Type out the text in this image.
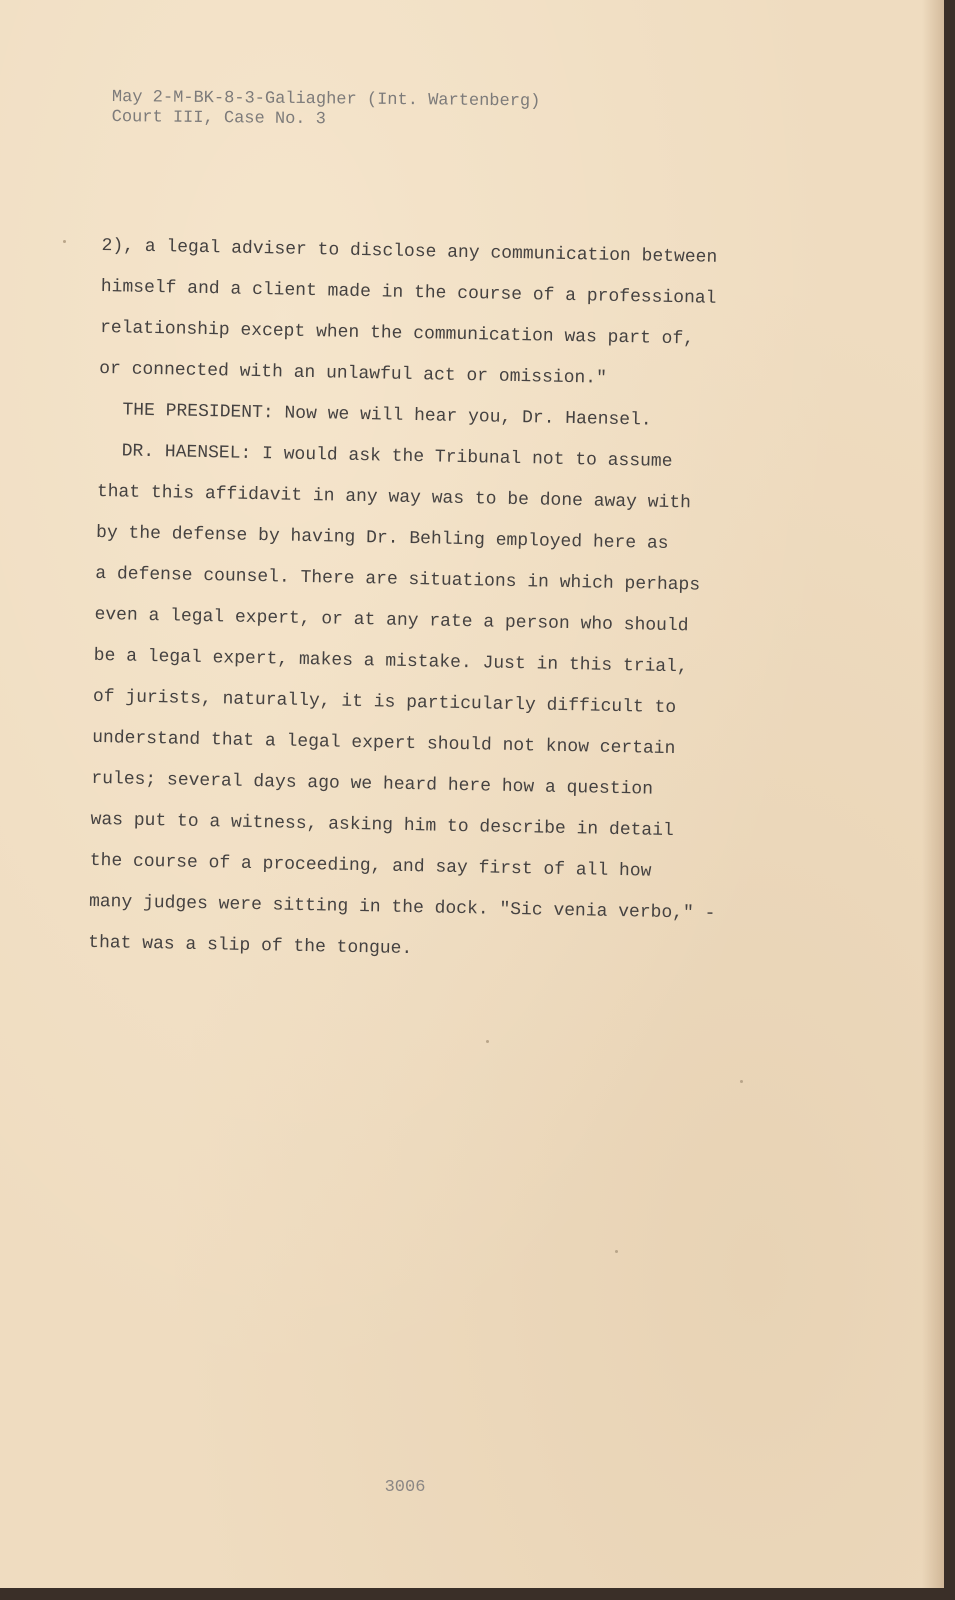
May 2-M-BK-8-3-Galiagher (Int. Wartenberg)
Court III, Case No. 3
2), a legal adviser to disclose any communication between
himself and a client made in the course of a professional
relationship except when the communication was part of,
or connected with an unlawful act or omission."
THE PRESIDENT: Now we will hear you, Dr. Haensel.
DR. HAENSEL: I would ask the Tribunal not to assume
that this affidavit in any way was to be done away with
by the defense by having Dr. Behling employed here as
a defense counsel. There are situations in which perhaps
even a legal expert, or at any rate a person who should
be a legal expert, makes a mistake. Just in this trial,
of jurists, naturally, it is particularly difficult to
understand that a legal expert should not know certain
rules; several days ago we heard here how a question
was put to a witness, asking him to describe in detail
the course of a proceeding, and say first of all how
many judges were sitting in the dock. "Sic venia verbo," -
that was a slip of the tongue.
3006
